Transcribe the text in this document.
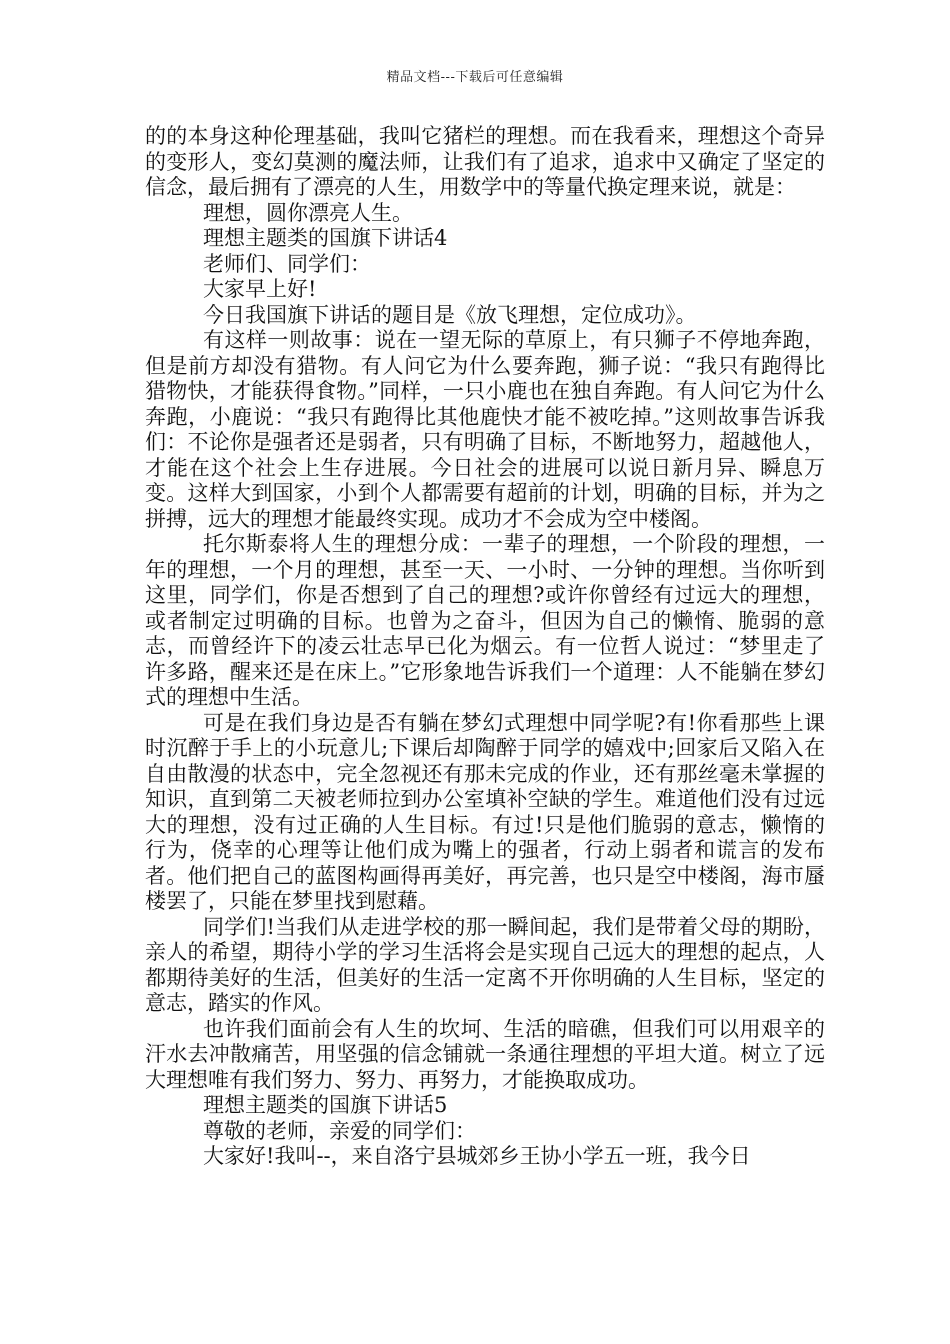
精品文档---下载后可任意编辑

的的本身这种伦理基础，我叫它猪栏的理想。而在我看来，理想这个奇异的变形人，变幻莫测的魔法师，让我们有了追求，追求中又确定了坚定的信念，最后拥有了漂亮的人生，用数学中的等量代换定理来说，就是：

理想，圆你漂亮人生。

理想主题类的国旗下讲话4

老师们、同学们：

大家早上好!

今日我国旗下讲话的题目是《放飞理想，定位成功》。

有这样一则故事：说在一望无际的草原上，有只狮子不停地奔跑，但是前方却没有猎物。有人问它为什么要奔跑，狮子说：“我只有跑得比猎物快，才能获得食物。”同样，一只小鹿也在独自奔跑。有人问它为什么奔跑，小鹿说：“我只有跑得比其他鹿快才能不被吃掉。”这则故事告诉我们：不论你是强者还是弱者，只有明确了目标，不断地努力，超越他人，才能在这个社会上生存进展。今日社会的进展可以说日新月异、瞬息万变。这样大到国家，小到个人都需要有超前的计划，明确的目标，并为之拼搏，远大的理想才能最终实现。成功才不会成为空中楼阁。

托尔斯泰将人生的理想分成：一辈子的理想，一个阶段的理想，一年的理想，一个月的理想，甚至一天、一小时、一分钟的理想。当你听到这里，同学们，你是否想到了自己的理想?或许你曾经有过远大的理想，或者制定过明确的目标。也曾为之奋斗，但因为自己的懒惰、脆弱的意志，而曾经许下的凌云壮志早已化为烟云。有一位哲人说过：“梦里走了许多路，醒来还是在床上。”它形象地告诉我们一个道理：人不能躺在梦幻式的理想中生活。

可是在我们身边是否有躺在梦幻式理想中同学呢?有!你看那些上课时沉醉于手上的小玩意儿;下课后却陶醉于同学的嬉戏中;回家后又陷入在自由散漫的状态中，完全忽视还有那未完成的作业，还有那丝毫未掌握的知识，直到第二天被老师拉到办公室填补空缺的学生。难道他们没有过远大的理想，没有过正确的人生目标。有过!只是他们脆弱的意志，懒惰的行为，侥幸的心理等让他们成为嘴上的强者，行动上弱者和谎言的发布者。他们把自己的蓝图构画得再美好，再完善，也只是空中楼阁，海市蜃楼罢了，只能在梦里找到慰藉。

同学们!当我们从走进学校的那一瞬间起，我们是带着父母的期盼，亲人的希望，期待小学的学习生活将会是实现自己远大的理想的起点，人都期待美好的生活，但美好的生活一定离不开你明确的人生目标，坚定的意志，踏实的作风。

也许我们面前会有人生的坎坷、生活的暗礁，但我们可以用艰辛的汗水去冲散痛苦，用坚强的信念铺就一条通往理想的平坦大道。树立了远大理想唯有我们努力、努力、再努力，才能换取成功。

理想主题类的国旗下讲话5

尊敬的老师，亲爱的同学们：

大家好!我叫--，来自洛宁县城郊乡王协小学五一班，我今日
